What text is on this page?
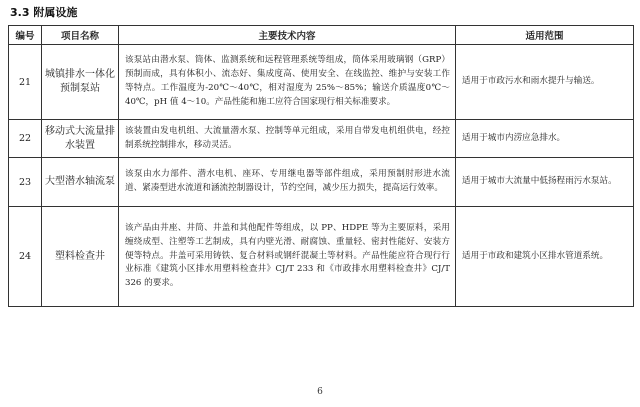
3.3 附属设施
编号	项目名称	主要技术内容	适用范围
21	城镇排水一体化预制泵站	该泵站由潜水泵、筒体、监测系统和远程管理系统等组成，筒体采用玻璃钢（GRP）预制而成，具有体积小、流态好、集成度高、使用安全、在线监控、维护与安装工作等特点。工作温度为-20℃～40℃，相对湿度为 25%～85%；输送介质温度0℃～40℃，pH 值 4～10。产品性能和施工应符合国家现行相关标准要求。	适用于市政污水和雨水提升与输送。
22	移动式大流量排水装置	该装置由发电机组、大流量潜水泵、控制等单元组成，采用自带发电机组供电，经控制系统控制排水，移动灵活。	适用于城市内涝应急排水。
23	大型潜水轴流泵	该泵由水力部件、潜水电机、座环、专用继电器等部件组成，采用预制肘形进水流道、紧凑型进水流道和涵流控制器设计，节约空间，减少压力损失，提高运行效率。	适用于城市大流量中低扬程雨污水泵站。
24	塑料检查井	该产品由井座、井筒、井盖和其他配件等组成，以 PP、HDPE 等为主要原料，采用缠绕成型、注塑等工艺制成，具有内壁光滑、耐腐蚀、重量轻、密封性能好、安装方便等特点。井盖可采用铸铁、复合材料或钢纤混凝土等材料。产品性能应符合现行行业标准《建筑小区排水用塑料检查井》CJ/T 233 和《市政排水用塑料检查井》CJ/T 326 的要求。	适用于市政和建筑小区排水管道系统。
6
